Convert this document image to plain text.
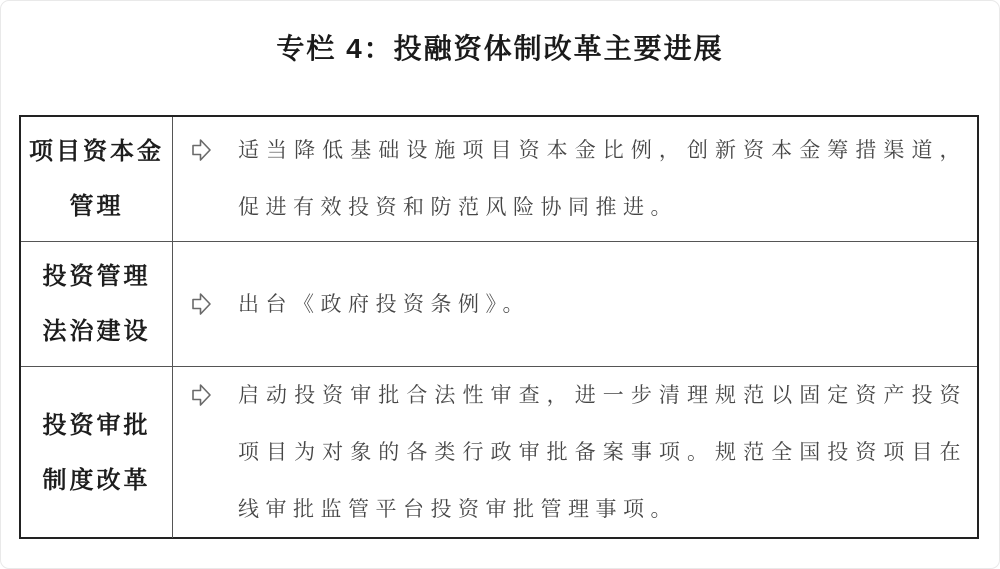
专栏 4：投融资体制改革主要进展
项目资本金
管理
适当降低基础设施项目资本金比例，创新资本金筹措渠道，促进有效投资和防范风险协同推进。
投资管理
法治建设
出台《政府投资条例》。
投资审批
制度改革
启动投资审批合法性审查，进一步清理规范以固定资产投资项目为对象的各类行政审批备案事项。规范全国投资项目在线审批监管平台投资审批管理事项。
